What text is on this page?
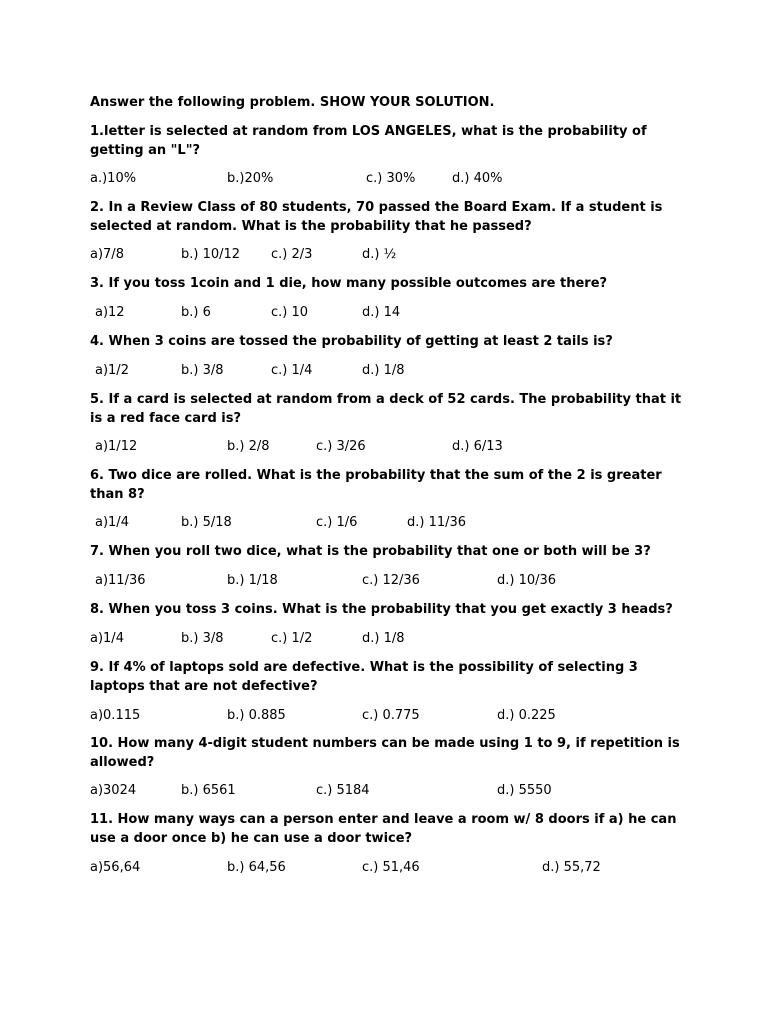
Answer the following problem. SHOW YOUR SOLUTION.
1.letter is selected at random from LOS ANGELES, what is the probability of getting an "L"?
a.)10%	b.)20%	c.) 30%	d.) 40%
2. In a Review Class of 80 students, 70 passed the Board Exam. If a student is selected at random. What is the probability that he passed?
a)7/8	b.) 10/12 c.) 2/3	d.) ½
3. If you toss 1coin and 1 die, how many possible outcomes are there?
a)12	b.) 6	c.) 10	d.) 14
4. When 3 coins are tossed the probability of getting at least 2 tails is?
a)1/2	b.) 3/8	c.) 1/4	d.) 1/8
5. If a card is selected at random from a deck of 52 cards. The probability that it is a red face card is?
a)1/12	b.) 2/8	c.) 3/26	d.) 6/13
6. Two dice are rolled. What is the probability that the sum of the 2 is greater than 8?
a)1/4	b.) 5/18	c.) 1/6	d.) 11/36
7. When you roll two dice, what is the probability that one or both will be 3?
a)11/36	b.) 1/18	c.) 12/36	d.) 10/36
8. When you toss 3 coins. What is the probability that you get exactly 3 heads?
a)1/4	b.) 3/8	c.) 1/2	d.) 1/8
9. If 4% of laptops sold are defective. What is the possibility of selecting 3 laptops that are not defective?
a)0.115	b.) 0.885	c.) 0.775	d.) 0.225
10. How many 4-digit student numbers can be made using 1 to 9, if repetition is allowed?
a)3024	b.) 6561	c.) 5184	d.) 5550
11. How many ways can a person enter and leave a room w/ 8 doors if a) he can use a door once b) he can use a door twice?
a)56,64	b.) 64,56	c.) 51,46	d.) 55,72
